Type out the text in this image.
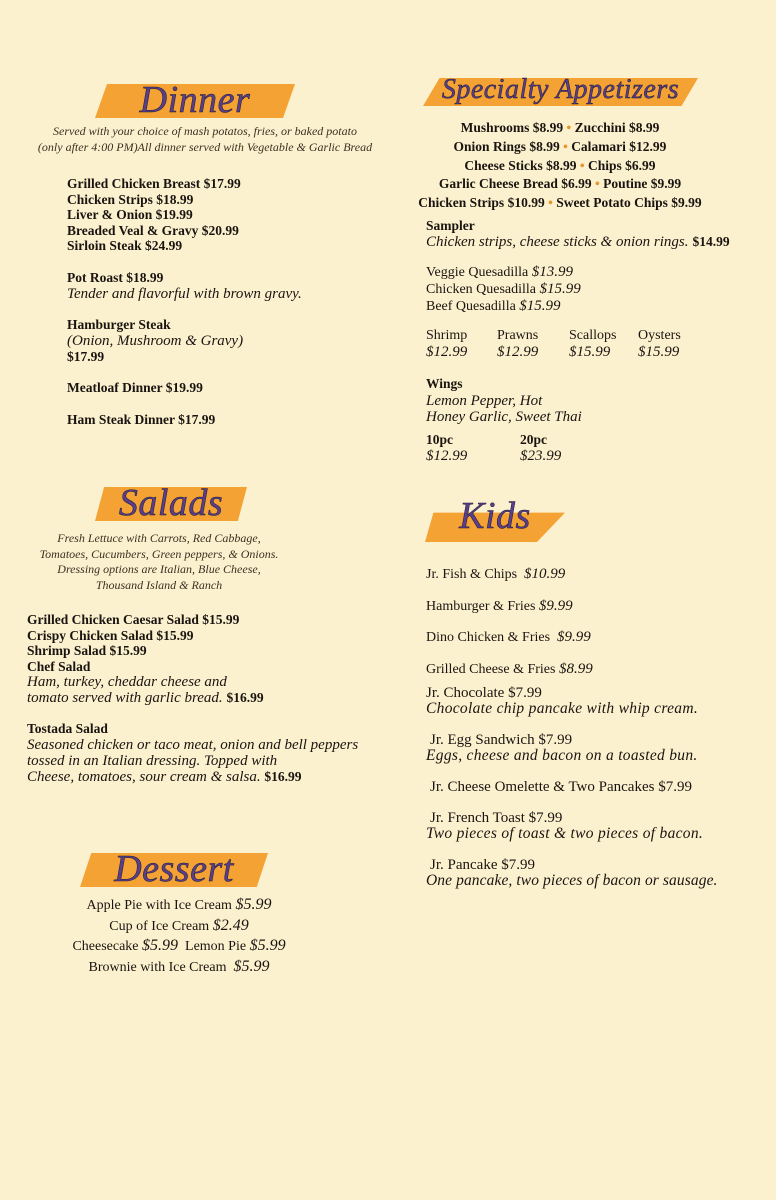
Dinner
Served with your choice of mash potatos, fries, or baked potato
(only after 4:00 PM)All dinner served with Vegetable & Garlic Bread
Grilled Chicken Breast $17.99
Chicken Strips $18.99
Liver & Onion $19.99
Breaded Veal & Gravy $20.99
Sirloin Steak $24.99
Pot Roast $18.99
Tender and flavorful with brown gravy.
Hamburger Steak
(Onion, Mushroom & Gravy)
$17.99
Meatloaf Dinner $19.99
Ham Steak Dinner $17.99
Salads
Fresh Lettuce with Carrots, Red Cabbage,
Tomatoes, Cucumbers, Green peppers, & Onions.
Dressing options are Italian, Blue Cheese,
Thousand Island & Ranch
Grilled Chicken Caesar Salad $15.99
Crispy Chicken Salad $15.99
Shrimp Salad $15.99
Chef Salad
Ham, turkey, cheddar cheese and
tomato served with garlic bread. $16.99
Tostada Salad
Seasoned chicken or taco meat, onion and bell peppers
tossed in an Italian dressing. Topped with
Cheese, tomatoes, sour cream & salsa. $16.99
Dessert
Apple Pie with Ice Cream $5.99
Cup of Ice Cream $2.49
Cheesecake $5.99 Lemon Pie $5.99
Brownie with Ice Cream $5.99
Specialty Appetizers
Mushrooms $8.99 • Zucchini $8.99
Onion Rings $8.99 • Calamari $12.99
Cheese Sticks $8.99 • Chips $6.99
Garlic Cheese Bread $6.99 • Poutine $9.99
Chicken Strips $10.99 • Sweet Potato Chips $9.99
Sampler
Chicken strips, cheese sticks & onion rings. $14.99
Veggie Quesadilla $13.99
Chicken Quesadilla $15.99
Beef Quesadilla $15.99
Shrimp
$12.99
Prawns
$12.99
Scallops
$15.99
Oysters
$15.99
Wings
Lemon Pepper, Hot
Honey Garlic, Sweet Thai
10pc
$12.99
20pc
$23.99
Kids
Jr. Fish & Chips $10.99
Hamburger & Fries $9.99
Dino Chicken & Fries $9.99
Grilled Cheese & Fries $8.99
Jr. Chocolate $7.99
Chocolate chip pancake with whip cream.
Jr. Egg Sandwich $7.99
Eggs, cheese and bacon on a toasted bun.
Jr. Cheese Omelette & Two Pancakes $7.99
Jr. French Toast $7.99
Two pieces of toast & two pieces of bacon.
Jr. Pancake $7.99
One pancake, two pieces of bacon or sausage.
